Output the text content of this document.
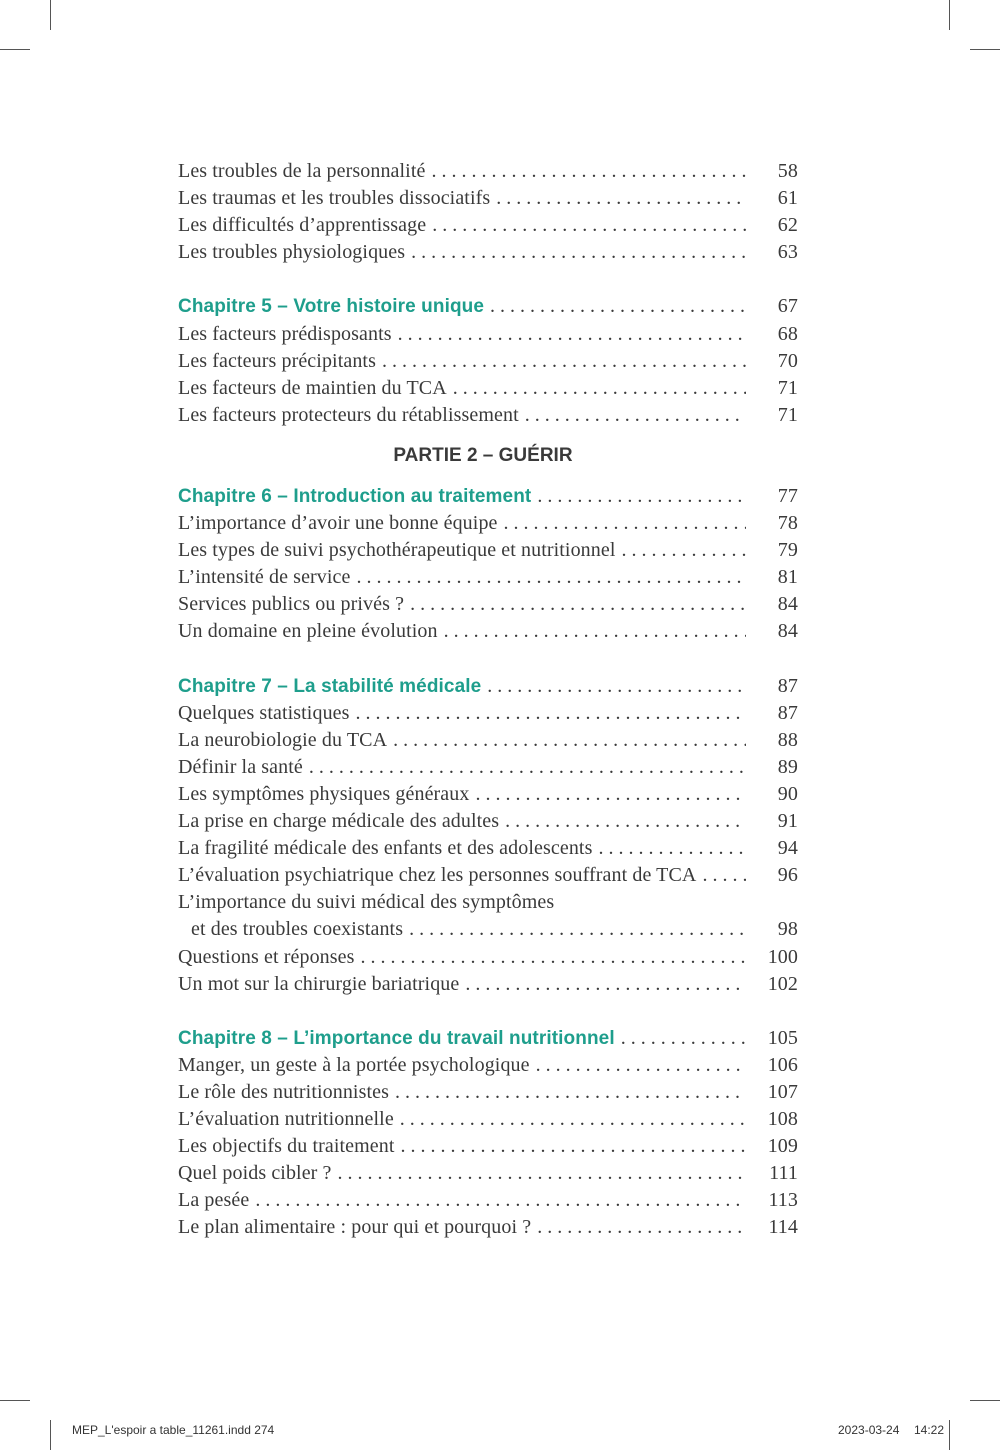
Les troubles de la personnalité . . .	58
Les traumas et les troubles dissociatifs . . .	61
Les difficultés d’apprentissage . . .	62
Les troubles physiologiques . . .	63
Chapitre 5 – Votre histoire unique . . .	67
Les facteurs prédisposants . . .	68
Les facteurs précipitants . . .	70
Les facteurs de maintien du TCA . . .	71
Les facteurs protecteurs du rétablissement . . .	71
PARTIE 2 – GUÉRIR
Chapitre 6 – Introduction au traitement . . .	77
L’importance d’avoir une bonne équipe . . .	78
Les types de suivi psychothérapeutique et nutritionnel . . .	79
L’intensité de service . . .	81
Services publics ou privés ? . . .	84
Un domaine en pleine évolution . . .	84
Chapitre 7 – La stabilité médicale . . .	87
Quelques statistiques . . .	87
La neurobiologie du TCA . . .	88
Définir la santé . . .	89
Les symptômes physiques généraux . . .	90
La prise en charge médicale des adultes . . .	91
La fragilité médicale des enfants et des adolescents . . .	94
L’évaluation psychiatrique chez les personnes souffrant de TCA . . .	96
L’importance du suivi médical des symptômes
et des troubles coexistants . . .	98
Questions et réponses . . .	100
Un mot sur la chirurgie bariatrique . . .	102
Chapitre 8 – L’importance du travail nutritionnel . . .	105
Manger, un geste à la portée psychologique . . .	106
Le rôle des nutritionnistes . . .	107
L’évaluation nutritionnelle . . .	108
Les objectifs du traitement . . .	109
Quel poids cibler ? . . .	111
La pesée . . .	113
Le plan alimentaire : pour qui et pourquoi ? . . .	114
MEP_L'espoir a table_11261.indd 274	2023-03-24 14:22
